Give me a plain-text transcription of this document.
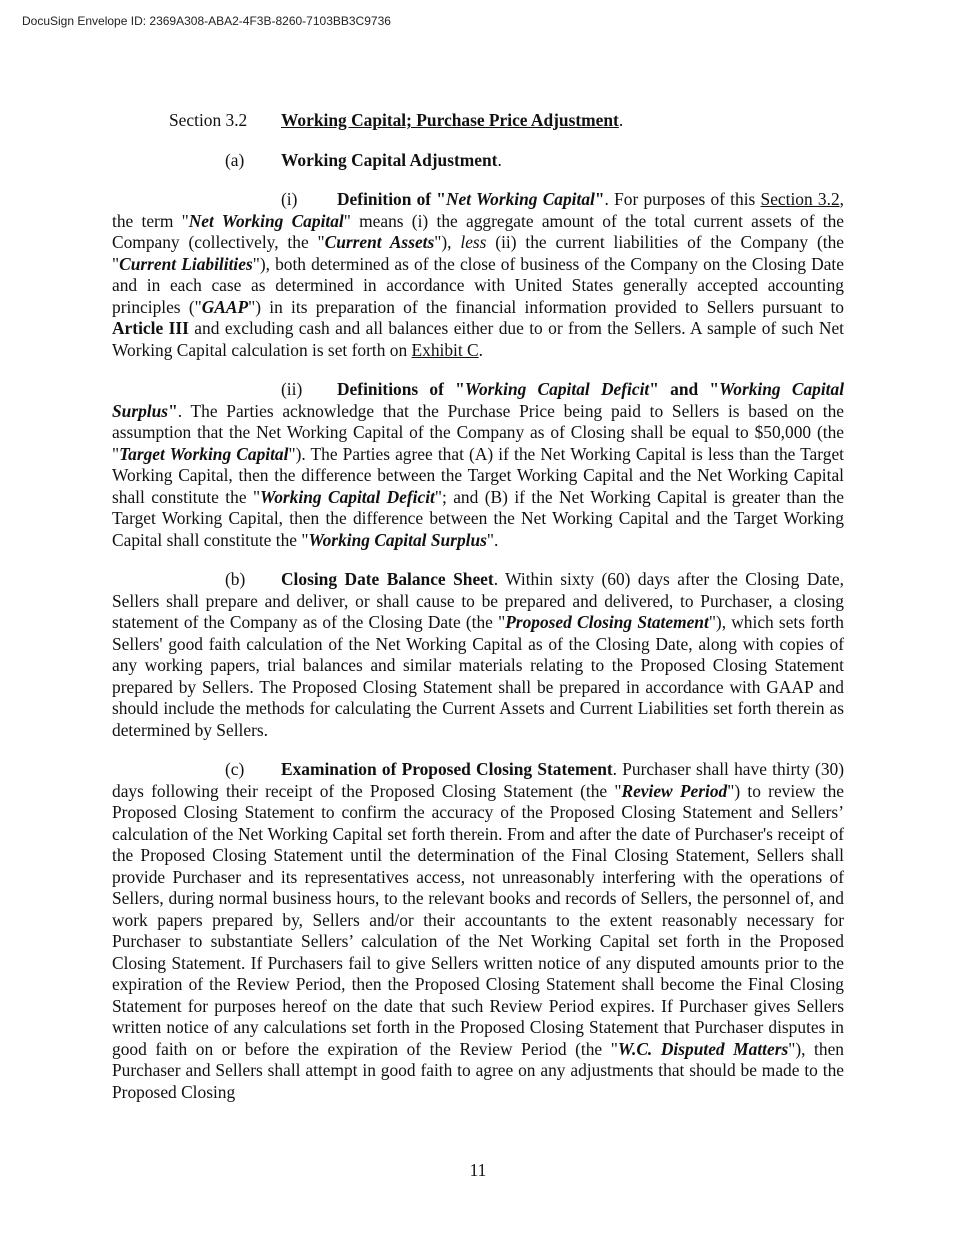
DocuSign Envelope ID: 2369A308-ABA2-4F3B-8260-7103BB3C9736
Section 3.2 Working Capital; Purchase Price Adjustment.
(a) Working Capital Adjustment.

(i) Definition of "Net Working Capital". For purposes of this Section 3.2, the term "Net Working Capital" means (i) the aggregate amount of the total current assets of the Company (collectively, the "Current Assets"), less (ii) the current liabilities of the Company (the "Current Liabilities"), both determined as of the close of business of the Company on the Closing Date and in each case as determined in accordance with United States generally accepted accounting principles ("GAAP") in its preparation of the financial information provided to Sellers pursuant to Article III and excluding cash and all balances either due to or from the Sellers. A sample of such Net Working Capital calculation is set forth on Exhibit C.

(ii) Definitions of "Working Capital Deficit" and "Working Capital Surplus". The Parties acknowledge that the Purchase Price being paid to Sellers is based on the assumption that the Net Working Capital of the Company as of Closing shall be equal to $50,000 (the "Target Working Capital"). The Parties agree that (A) if the Net Working Capital is less than the Target Working Capital, then the difference between the Target Working Capital and the Net Working Capital shall constitute the "Working Capital Deficit"; and (B) if the Net Working Capital is greater than the Target Working Capital, then the difference between the Net Working Capital and the Target Working Capital shall constitute the "Working Capital Surplus".

(b) Closing Date Balance Sheet. Within sixty (60) days after the Closing Date, Sellers shall prepare and deliver, or shall cause to be prepared and delivered, to Purchaser, a closing statement of the Company as of the Closing Date (the "Proposed Closing Statement"), which sets forth Sellers' good faith calculation of the Net Working Capital as of the Closing Date, along with copies of any working papers, trial balances and similar materials relating to the Proposed Closing Statement prepared by Sellers. The Proposed Closing Statement shall be prepared in accordance with GAAP and should include the methods for calculating the Current Assets and Current Liabilities set forth therein as determined by Sellers.

(c) Examination of Proposed Closing Statement. Purchaser shall have thirty (30) days following their receipt of the Proposed Closing Statement (the "Review Period") to review the Proposed Closing Statement to confirm the accuracy of the Proposed Closing Statement and Sellers’ calculation of the Net Working Capital set forth therein. From and after the date of Purchaser's receipt of the Proposed Closing Statement until the determination of the Final Closing Statement, Sellers shall provide Purchaser and its representatives access, not unreasonably interfering with the operations of Sellers, during normal business hours, to the relevant books and records of Sellers, the personnel of, and work papers prepared by, Sellers and/or their accountants to the extent reasonably necessary for Purchaser to substantiate Sellers’ calculation of the Net Working Capital set forth in the Proposed Closing Statement. If Purchasers fail to give Sellers written notice of any disputed amounts prior to the expiration of the Review Period, then the Proposed Closing Statement shall become the Final Closing Statement for purposes hereof on the date that such Review Period expires. If Purchaser gives Sellers written notice of any calculations set forth in the Proposed Closing Statement that Purchaser disputes in good faith on or before the expiration of the Review Period (the "W.C. Disputed Matters"), then Purchaser and Sellers shall attempt in good faith to agree on any adjustments that should be made to the Proposed Closing

11
